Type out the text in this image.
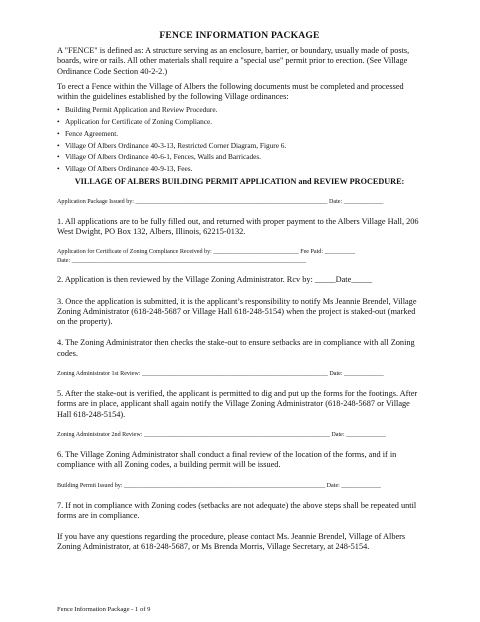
FENCE INFORMATION PACKAGE

A "FENCE" is defined as: A structure serving as an enclosure, barrier, or boundary, usually made of posts, boards, wire or rails. All other materials shall require a "special use" permit prior to erection. (See Village Ordinance Code Section 40-2-2.)

To erect a Fence within the Village of Albers the following documents must be completed and processed within the guidelines established by the following Village ordinances:

• Building Permit Application and Review Procedure.
• Application for Certificate of Zoning Compliance.
• Fence Agreement.
• Village Of Albers Ordinance 40-3-13, Restricted Corner Diagram, Figure 6.
• Village Of Albers Ordinance 40-6-1, Fences, Walls and Barricades.
• Village Of Albers Ordinance 40-9-13, Fees.
VILLAGE OF ALBERS BUILDING PERMIT APPLICATION and REVIEW PROCEDURE:
Application Package Issued by: _______________________________________________________________ Date: _____________

1. All applications are to be fully filled out, and returned with proper payment to the Albers Village Hall, 206 West Dwight, PO Box 132, Albers, Illinois, 62215-0132.

Application for Certificate of Zoning Compliance Received by: ____________________________ Fee Paid: __________
Date: _____________________________________________________________________________

2. Application is then reviewed by the Village Zoning Administrator. Rcv by: _____Date_____

3. Once the application is submitted, it is the applicant’s responsibility to notify Ms Jeannie Brendel, Village Zoning Administrator (618-248-5687 or Village Hall 618-248-5154) when the project is staked-out (marked on the property).

4. The Zoning Administrator then checks the stake-out to ensure setbacks are in compliance with all Zoning codes.

Zoning Administrator 1st Review: _____________________________________________________________ Date: _____________

5. After the stake-out is verified, the applicant is permitted to dig and put up the forms for the footings. After forms are in place, applicant shall again notify the Village Zoning Administrator (618-248-5687 or Village Hall 618-248-5154).

Zoning Administrator 2nd Review: _____________________________________________________________ Date: _____________

6. The Village Zoning Administrator shall conduct a final review of the location of the forms, and if in compliance with all Zoning codes, a building permit will be issued.

Building Permit Issued by: __________________________________________________________________ Date: _____________

7. If not in compliance with Zoning codes (setbacks are not adequate) the above steps shall be repeated until forms are in compliance.

If you have any questions regarding the procedure, please contact Ms. Jeannie Brendel, Village of Albers Zoning Administrator, at 618-248-5687, or Ms Brenda Morris, Village Secretary, at 248-5154.

Fence Information Package - 1 of 9
